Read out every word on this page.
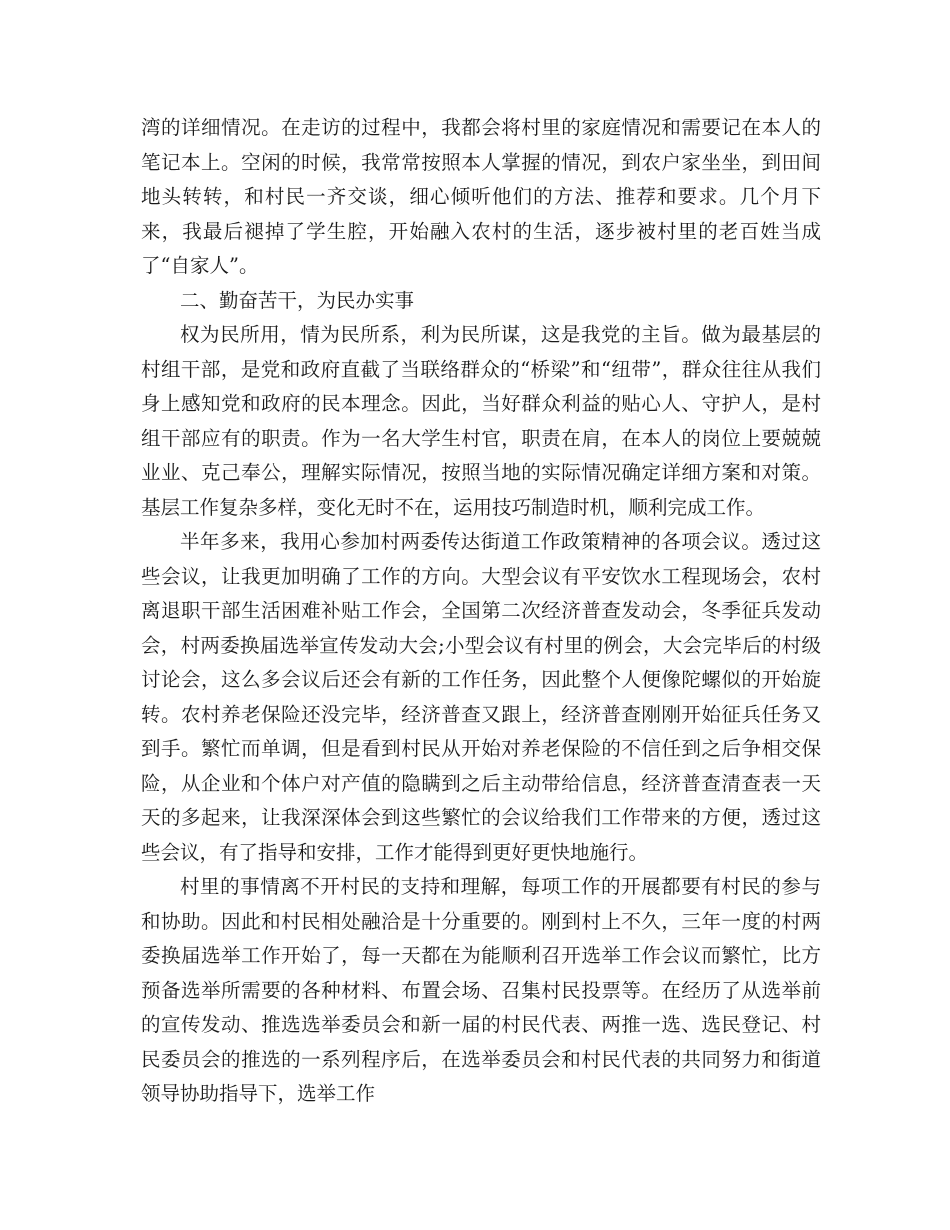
湾的详细情况。在走访的过程中，我都会将村里的家庭情况和需要记在本人的笔记本上。空闲的时候，我常常按照本人掌握的情况，到农户家坐坐，到田间地头转转，和村民一齐交谈，细心倾听他们的方法、推荐和要求。几个月下来，我最后褪掉了学生腔，开始融入农村的生活，逐步被村里的老百姓当成了“自家人”。

二、勤奋苦干，为民办实事

权为民所用，情为民所系，利为民所谋，这是我党的主旨。做为最基层的村组干部，是党和政府直截了当联络群众的“桥梁”和“纽带”，群众往往从我们身上感知党和政府的民本理念。因此，当好群众利益的贴心人、守护人，是村组干部应有的职责。作为一名大学生村官，职责在肩，在本人的岗位上要兢兢业业、克己奉公，理解实际情况，按照当地的实际情况确定详细方案和对策。基层工作复杂多样，变化无时不在，运用技巧制造时机，顺利完成工作。

半年多来，我用心参加村两委传达街道工作政策精神的各项会议。透过这些会议，让我更加明确了工作的方向。大型会议有平安饮水工程现场会，农村离退职干部生活困难补贴工作会，全国第二次经济普查发动会，冬季征兵发动会，村两委换届选举宣传发动大会;小型会议有村里的例会，大会完毕后的村级讨论会，这么多会议后还会有新的工作任务，因此整个人便像陀螺似的开始旋转。农村养老保险还没完毕，经济普查又跟上，经济普查刚刚开始征兵任务又到手。繁忙而单调，但是看到村民从开始对养老保险的不信任到之后争相交保险，从企业和个体户对产值的隐瞒到之后主动带给信息，经济普查清查表一天天的多起来，让我深深体会到这些繁忙的会议给我们工作带来的方便，透过这些会议，有了指导和安排，工作才能得到更好更快地施行。

村里的事情离不开村民的支持和理解，每项工作的开展都要有村民的参与和协助。因此和村民相处融洽是十分重要的。刚到村上不久，三年一度的村两委换届选举工作开始了，每一天都在为能顺利召开选举工作会议而繁忙，比方预备选举所需要的各种材料、布置会场、召集村民投票等。在经历了从选举前的宣传发动、推选选举委员会和新一届的村民代表、两推一选、选民登记、村民委员会的推选的一系列程序后，在选举委员会和村民代表的共同努力和街道领导协助指导下，选举工作
